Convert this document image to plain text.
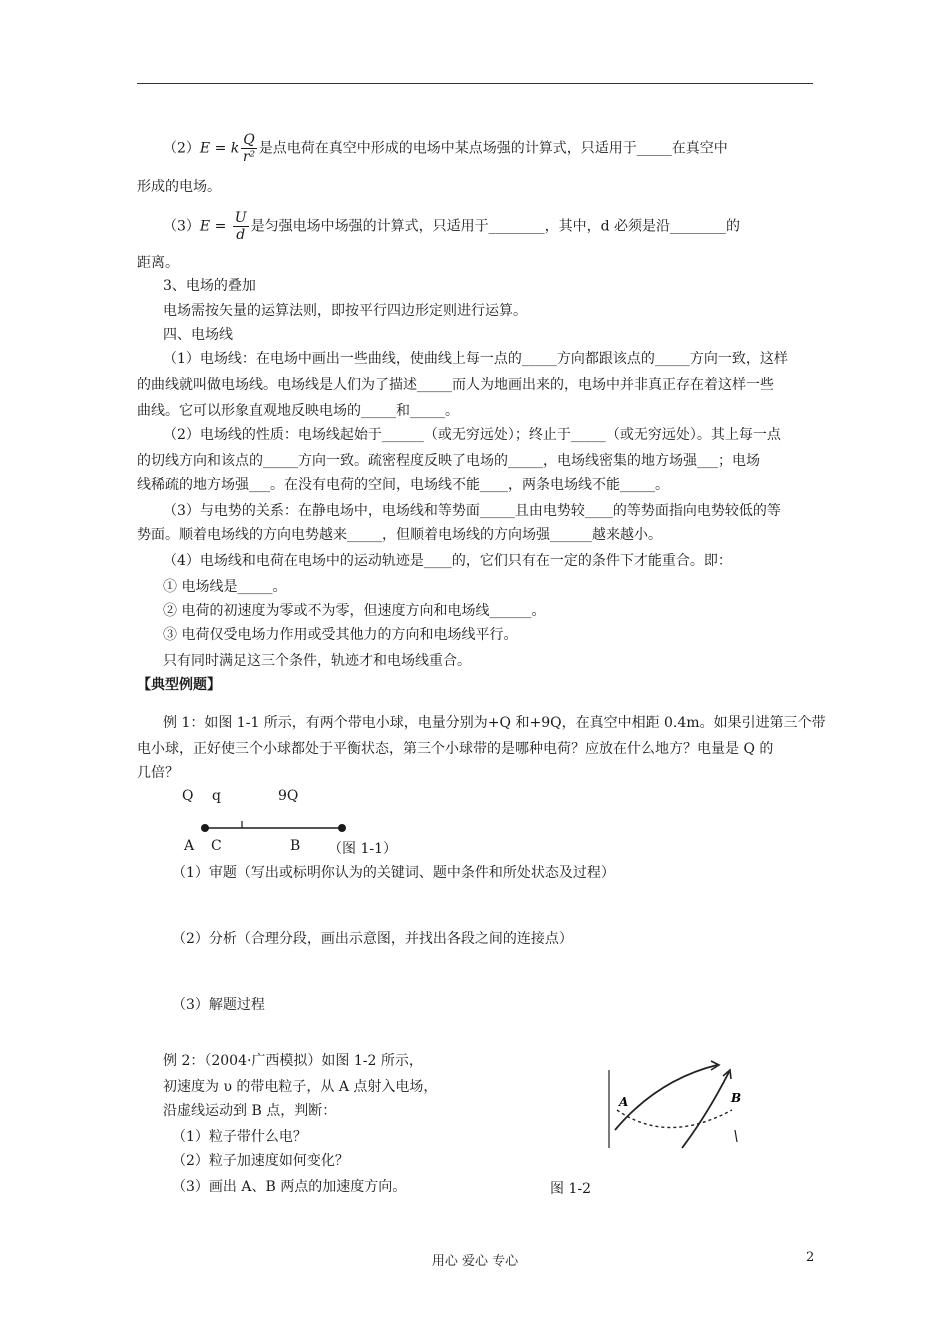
（2）E = k $\frac{Q}{\text{r²}}$ 是点电荷在真空中形成的电场中某点场强的计算式，只适用于_____在真空中
形成的电场。
$(3)E = \frac{U}{d}$ 是匀强电场中场强的计算式，只适用于________，其中，d 必须是沿________的
距离。
3、电场的叠加
电场需按矢量的运算法则，即按平行四边形定则进行运算。
四、电场线
（1）电场线：在电场中画出一些曲线，使曲线上每一点的_____方向都跟该点的_____方向一致，这样
的曲线就叫做电场线。电场线是人们为了描述_____而人为地画出来的，电场中并非真正存在着这样一些
曲线。它可以形象直观地反映电场的_____和_____。
（2）电场线的性质：电场线起始于______（或无穷远处）；终止于_____（或无穷远处）。其上每一点
的切线方向和该点的_____方向一致。疏密程度反映了电场的_____，电场线密集的地方场强___；电场
线稀疏的地方场强___。在没有电荷的空间，电场线不能____，两条电场线不能_____。
（3）与电势的关系：在静电场中，电场线和等势面_____且由电势较____的等势面指向电势较低的等
势面。顺着电场线的方向电势越来_____，但顺着电场线的方向场强______越来越小。
（4）电场线和电荷在电场中的运动轨迹是____的，它们只有在一定的条件下才能重合。即：
① 电场线是_____。
② 电荷的初速度为零或不为零，但速度方向和电场线______。
③ 电荷仅受电场力作用或受其他力的方向和电场线平行。
只有同时满足这三个条件，轨迹才和电场线重合。
【典型例题】
例 1：如图 1-1 所示，有两个带电小球，电量分别为+Q 和+9Q，在真空中相距 0.4m。如果引进第三个带
电小球，正好使三个小球都处于平衡状态，第三个小球带的是哪种电荷？应放在什么地方？电量是 Q 的
几倍？
Q q	9Q
A C	B （图 1-1）
（1）审题（写出或标明你认为的关键词、题中条件和所处状态及过程）
（2）分析（合理分段，画出示意图，并找出各段之间的连接点）
（3）解题过程
例 2：（2004·广西模拟）如图 1-2 所示，
初速度为 υ 的带电粒子，从 A 点射入电场，
沿虚线运动到 B 点，判断：
（1）粒子带什么电？
（2）粒子加速度如何变化？
（3）画出 A、B 两点的加速度方向。	图 1-2
A	B
用心 爱心 专心	2
